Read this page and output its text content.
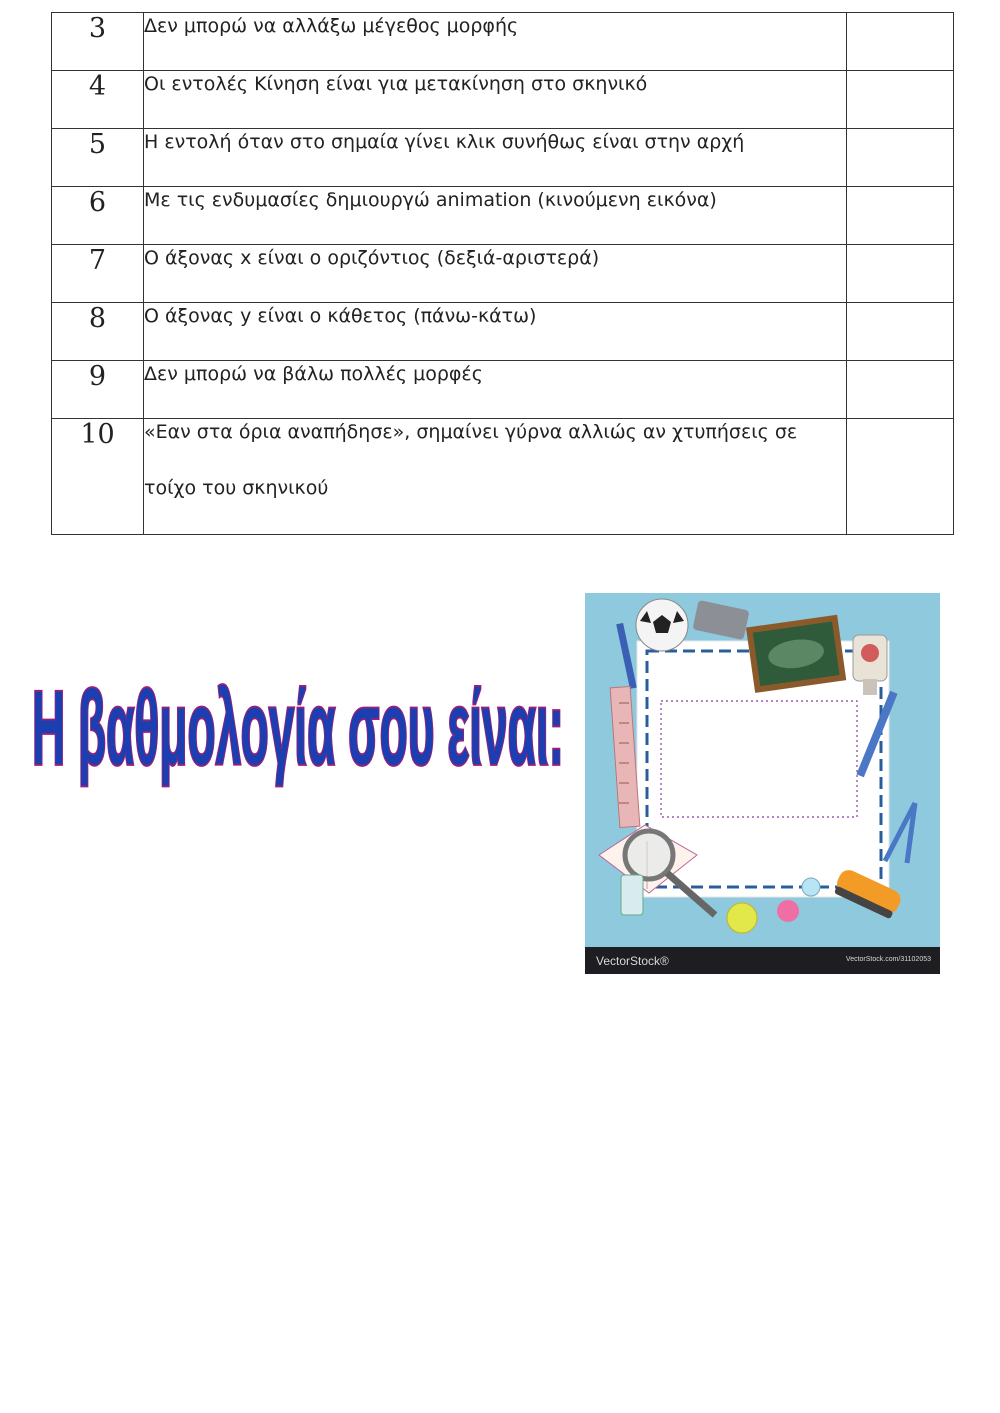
3	Δεν μπορώ να αλλάξω μέγεθος μορφής	

4	Οι εντολές Κίνηση είναι για μετακίνηση στο σκηνικό	

5	Η εντολή όταν στο σημαία γίνει κλικ συνήθως είναι στην αρχή	

6	Με τις ενδυμασίες δημιουργώ animation (κινούμενη εικόνα)	

7	Ο άξονας x είναι ο οριζόντιος (δεξιά-αριστερά)	

8	Ο άξονας y είναι ο κάθετος (πάνω-κάτω)	

9	Δεν μπορώ να βάλω πολλές μορφές	

10	«Εαν στα όρια αναπήδησε», σημαίνει γύρνα αλλιώς αν χτυπήσεις σε
τοίχο του σκηνικού	

Η βαθμολογία σου είναι:
VectorStock®	VectorStock.com/31102053
